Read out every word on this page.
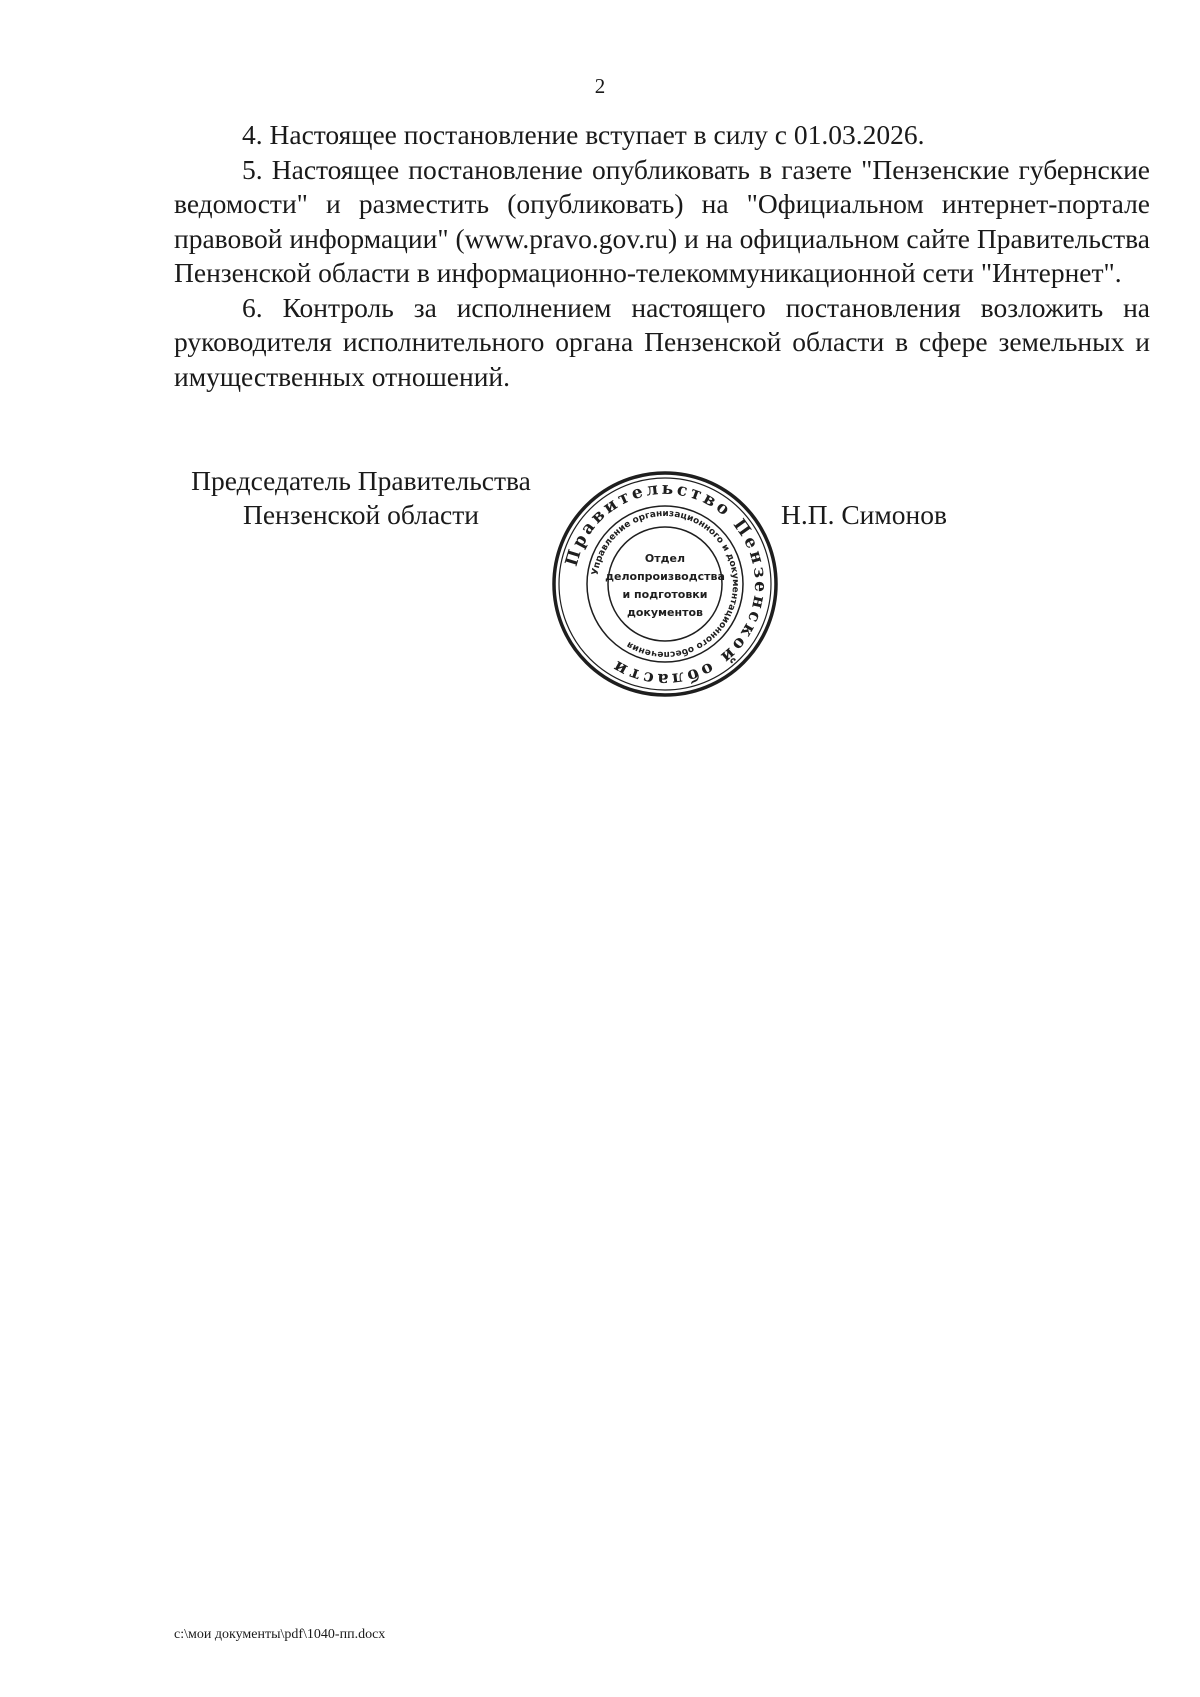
2

4. Настоящее постановление вступает в силу с 01.03.2026.

5. Настоящее постановление опубликовать в газете "Пензенские губернские ведомости" и разместить (опубликовать) на "Официальном интернет-портале правовой информации" (www.pravo.gov.ru) и на официальном сайте Правительства Пензенской области в информационно-телекоммуникационной сети "Интернет".

6. Контроль за исполнением настоящего постановления возложить на руководителя исполнительного органа Пензенской области в сфере земельных и имущественных отношений.

Председатель Правительства
Пензенской области	Н.П. Симонов
Правительство Пензенской области
Управление организационного и документационного обеспечения
Отдел
делопроизводства
и подготовки
документов
c:\мои документы\pdf\1040-пп.docx
